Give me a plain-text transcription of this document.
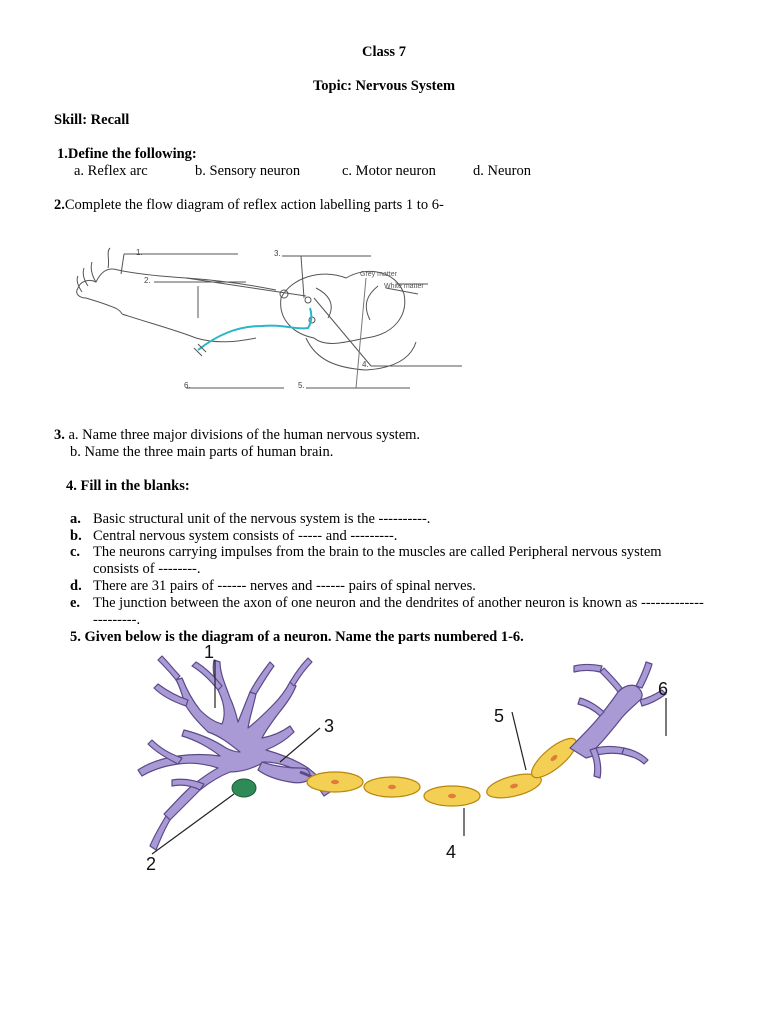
Class 7
Topic: Nervous System
Skill: Recall
1.Define the following:
a. Reflex arc	b. Sensory neuron	c. Motor neuron	d. Neuron
2.Complete the flow diagram of reflex action labelling parts 1 to 6-
1.
2.
3.
4.
5.
6.
Grey matter
White matter
3. a. Name three major divisions of the human nervous system.
b. Name the three main parts of human brain.
4. Fill in the blanks:
a. Basic structural unit of the nervous system is the ----------.
b. Central nervous system consists of ----- and ---------.
c. The neurons carrying impulses from the brain to the muscles are called Peripheral nervous system consists of --------.
d. There are 31 pairs of ------ nerves and ------ pairs of spinal nerves.
e. The junction between the axon of one neuron and the dendrites of another neuron is known as ----------------------.
5. Given below is the diagram of a neuron. Name the parts numbered 1-6.
1
2
3
4
5
6
